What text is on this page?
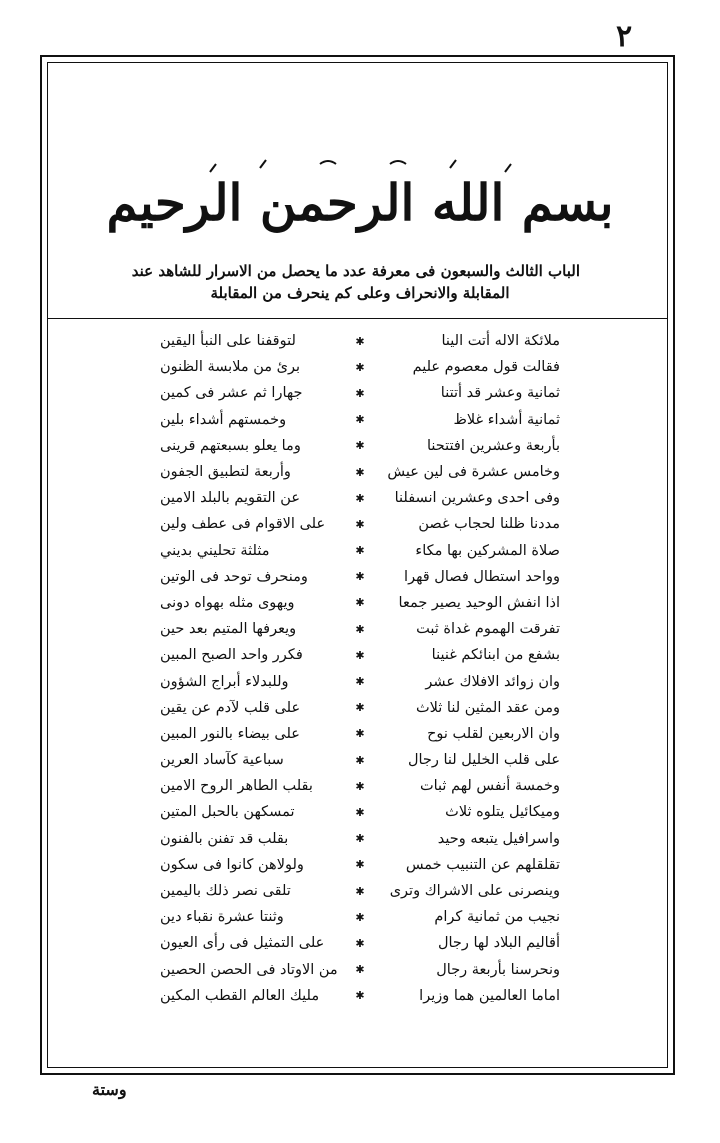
٢
بسم الله الرحمن الرحيم
الباب الثالث والسبعون فى معرفة عدد ما يحصل من الاسرار للشاهد عند
المقابلة والانحراف وعلى كم ينحرف من المقابلة
ملائكة الاله أتت الينا
✱
لتوقفنا على النبأ اليقين
فقالت قول معصوم عليم
✱
برئ من ملابسة الظنون
ثمانية وعشر قد أتتنا
✱
جهارا ثم عشر فى كمين
ثمانية أشداء غلاظ
✱
وخمستهم أشداء بلين
بأربعة وعشرين افتتحنا
✱
وما يعلو بسبعتهم قرينى
وخامس عشرة فى لين عيش
✱
وأربعة لتطبيق الجفون
وفى احدى وعشرين انسفلنا
✱
عن التقويم بالبلد الامين
مددنا ظلنا لحجاب غصن
✱
على الاقوام فى عطف ولين
صلاة المشركين بها مكاء
✱
مثلثة تحليني بديني
وواحد استطال فصال قهرا
✱
ومنحرف توحد فى الوتين
اذا انفش الوحيد يصير جمعا
✱
ويهوى مثله بهواه دونى
تفرقت الهموم غداة ثبت
✱
ويعرفها المتيم بعد حين
بشفع من ابنائكم غنينا
✱
فكرر واحد الصبح المبين
وان زوائد الافلاك عشر
✱
وللبدلاء أبراج الشؤون
ومن عقد المثين لنا ثلاث
✱
على قلب لآدم عن يقين
وان الاربعين لقلب نوح
✱
على بيضاء بالنور المبين
على قلب الخليل لنا رجال
✱
سباعية كآساد العرين
وخمسة أنفس لهم ثبات
✱
بقلب الطاهر الروح الامين
وميكائيل يتلوه ثلاث
✱
تمسكهن بالحبل المتين
واسرافيل يتبعه وحيد
✱
بقلب قد تفنن بالفنون
تقلقلهم عن التنبيب خمس
✱
ولولاهن كانوا فى سكون
وينصرنى على الاشراك وترى
✱
تلقى نصر ذلك باليمين
نجيب من ثمانية كرام
✱
وثنتا عشرة نقباء دين
أقاليم البلاد لها رجال
✱
على التمثيل فى رأى العيون
ونحرسنا بأربعة رجال
✱
من الاوتاد فى الحصن الحصين
اماما العالمين هما وزيرا
✱
مليك العالم القطب المكين
وستة
